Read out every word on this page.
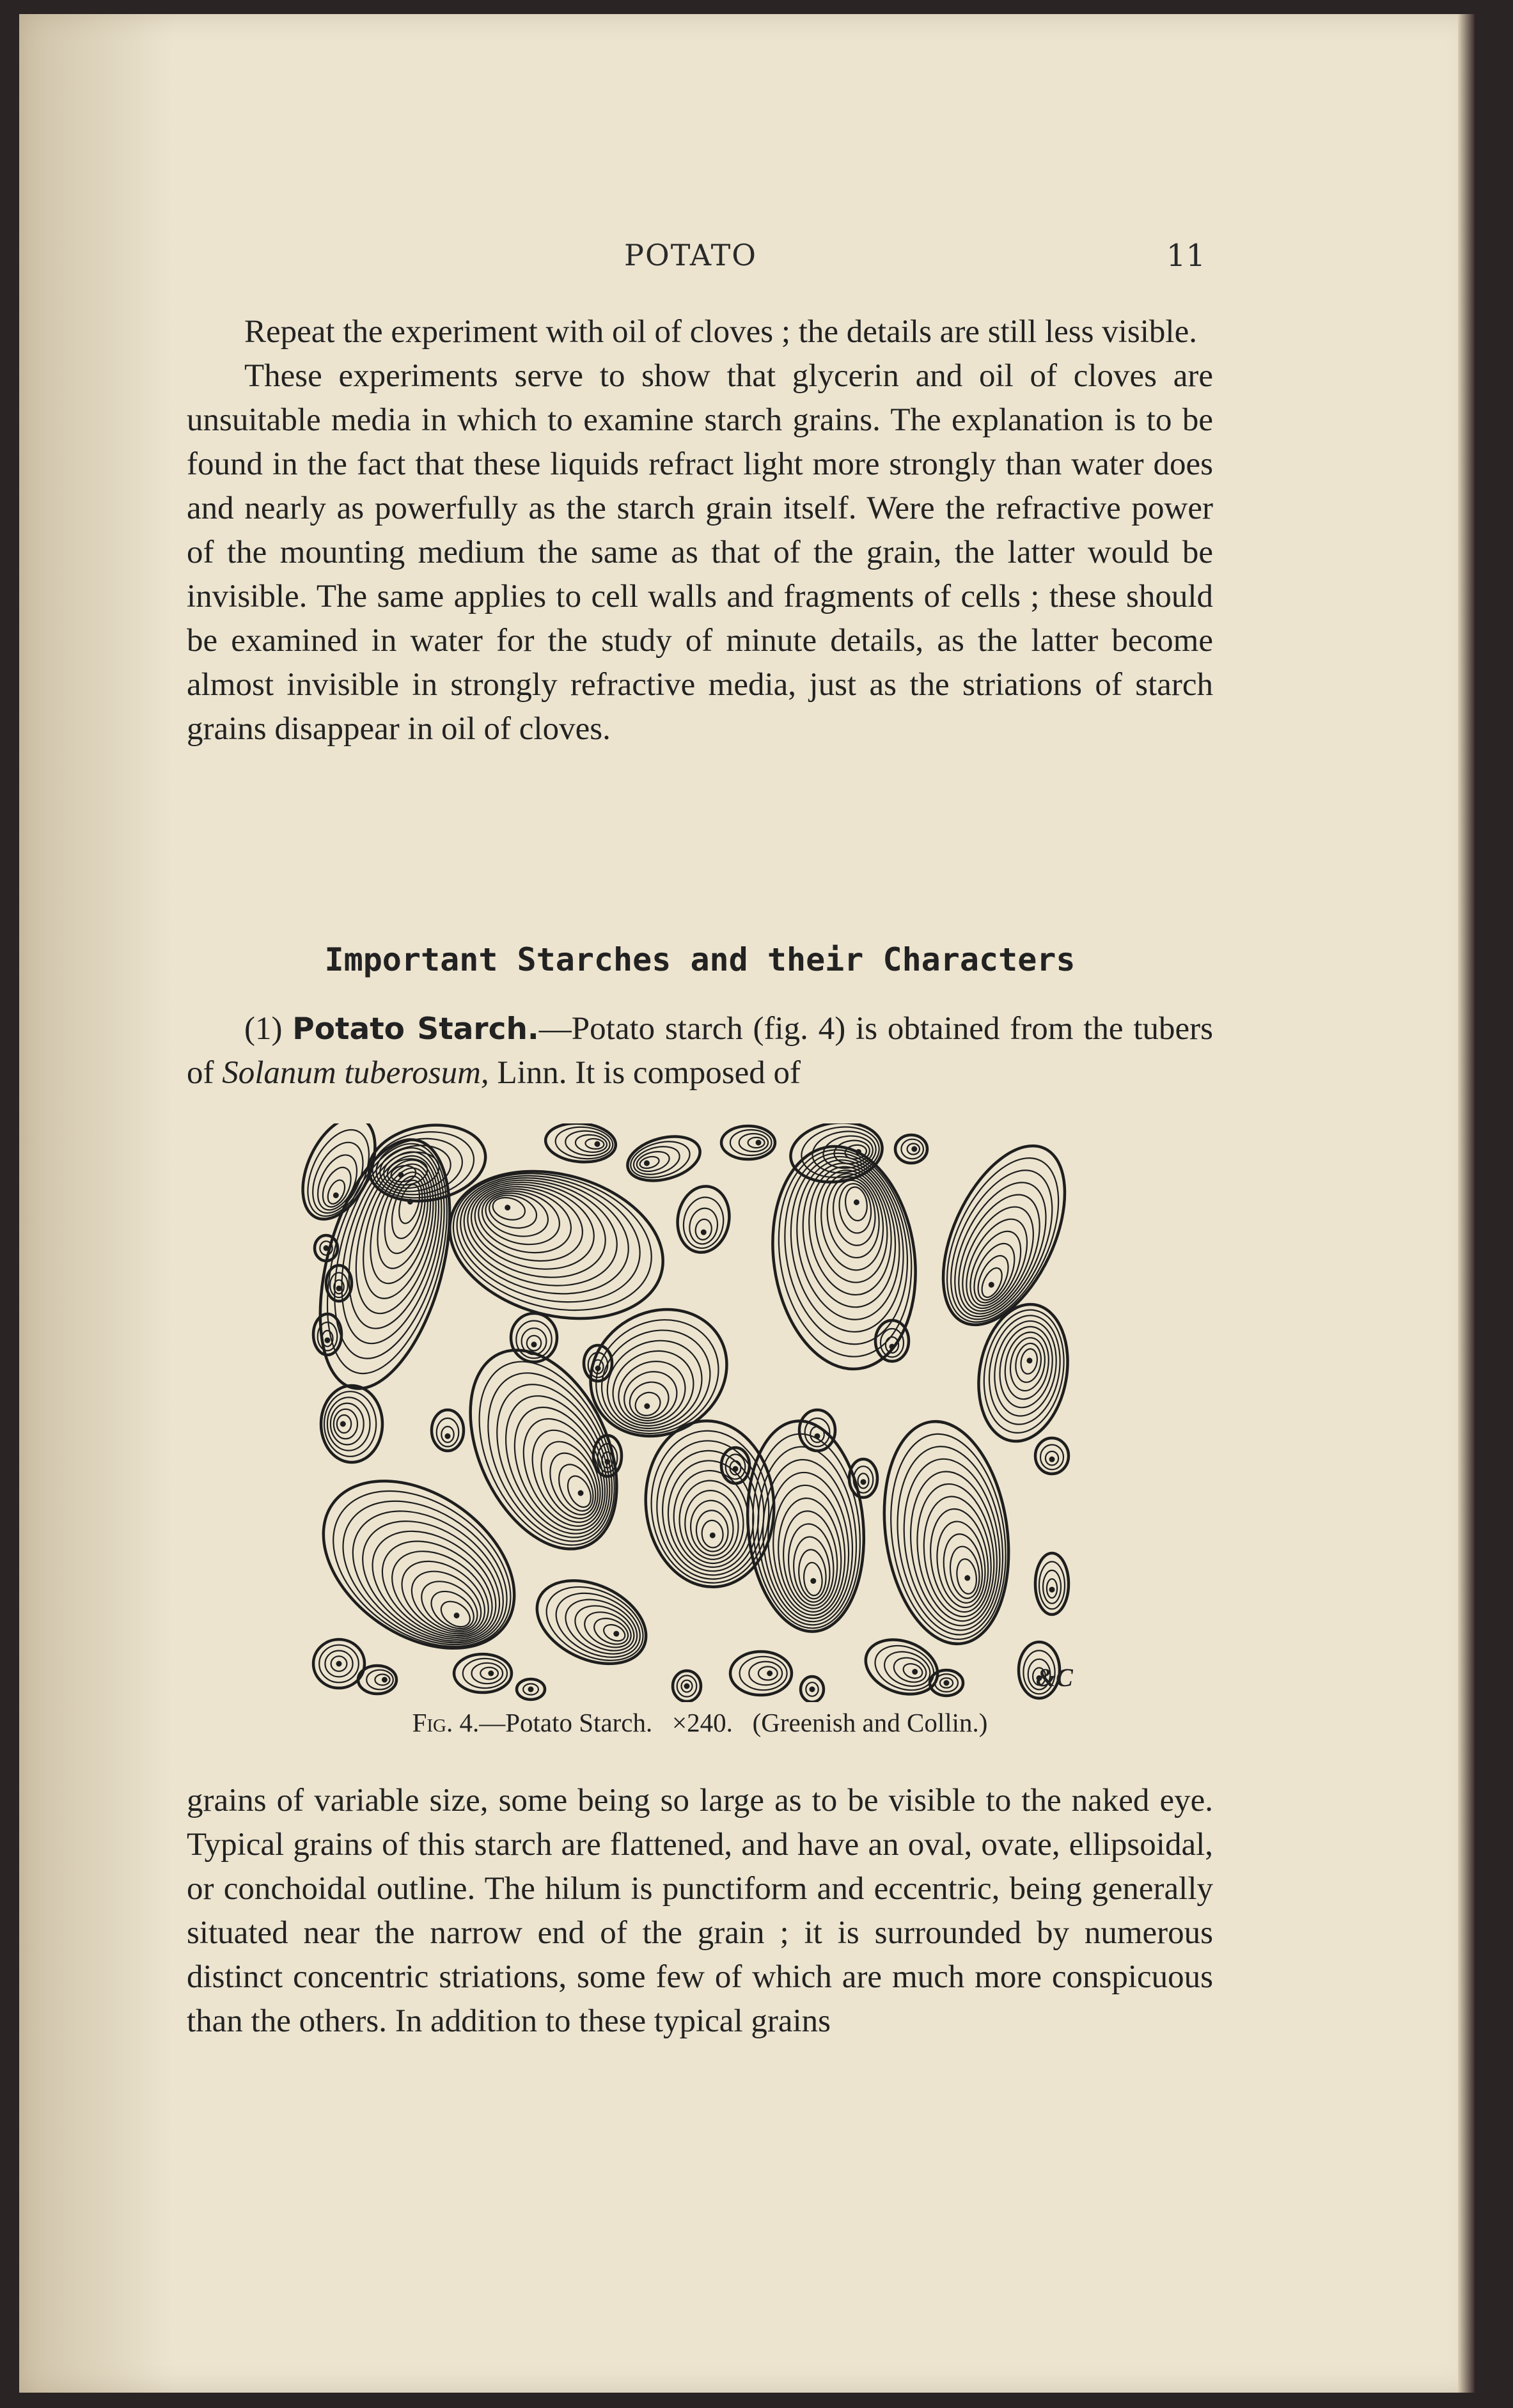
POTATO	11

Repeat the experiment with oil of cloves ; the details are still less visible.

These experiments serve to show that glycerin and oil of cloves are unsuitable media in which to examine starch grains. The explanation is to be found in the fact that these liquids refract light more strongly than water does and nearly as powerfully as the starch grain itself. Were the refractive power of the mounting medium the same as that of the grain, the latter would be invisible. The same applies to cell walls and fragments of cells ; these should be examined in water for the study of minute details, as the latter become almost invisible in strongly refractive media, just as the striations of starch grains disappear in oil of cloves.

Important Starches and their Characters

(1) Potato Starch.—Potato starch (fig. 4) is obtained from the tubers of Solanum tuberosum, Linn. It is composed of

&C

Fig. 4.—Potato Starch. ×240. (Greenish and Collin.)

grains of variable size, some being so large as to be visible to the naked eye. Typical grains of this starch are flattened, and have an oval, ovate, ellipsoidal, or conchoidal outline. The hilum is punctiform and eccentric, being generally situated near the narrow end of the grain ; it is surrounded by numerous distinct concentric striations, some few of which are much more conspicuous than the others. In addition to these typical grains
